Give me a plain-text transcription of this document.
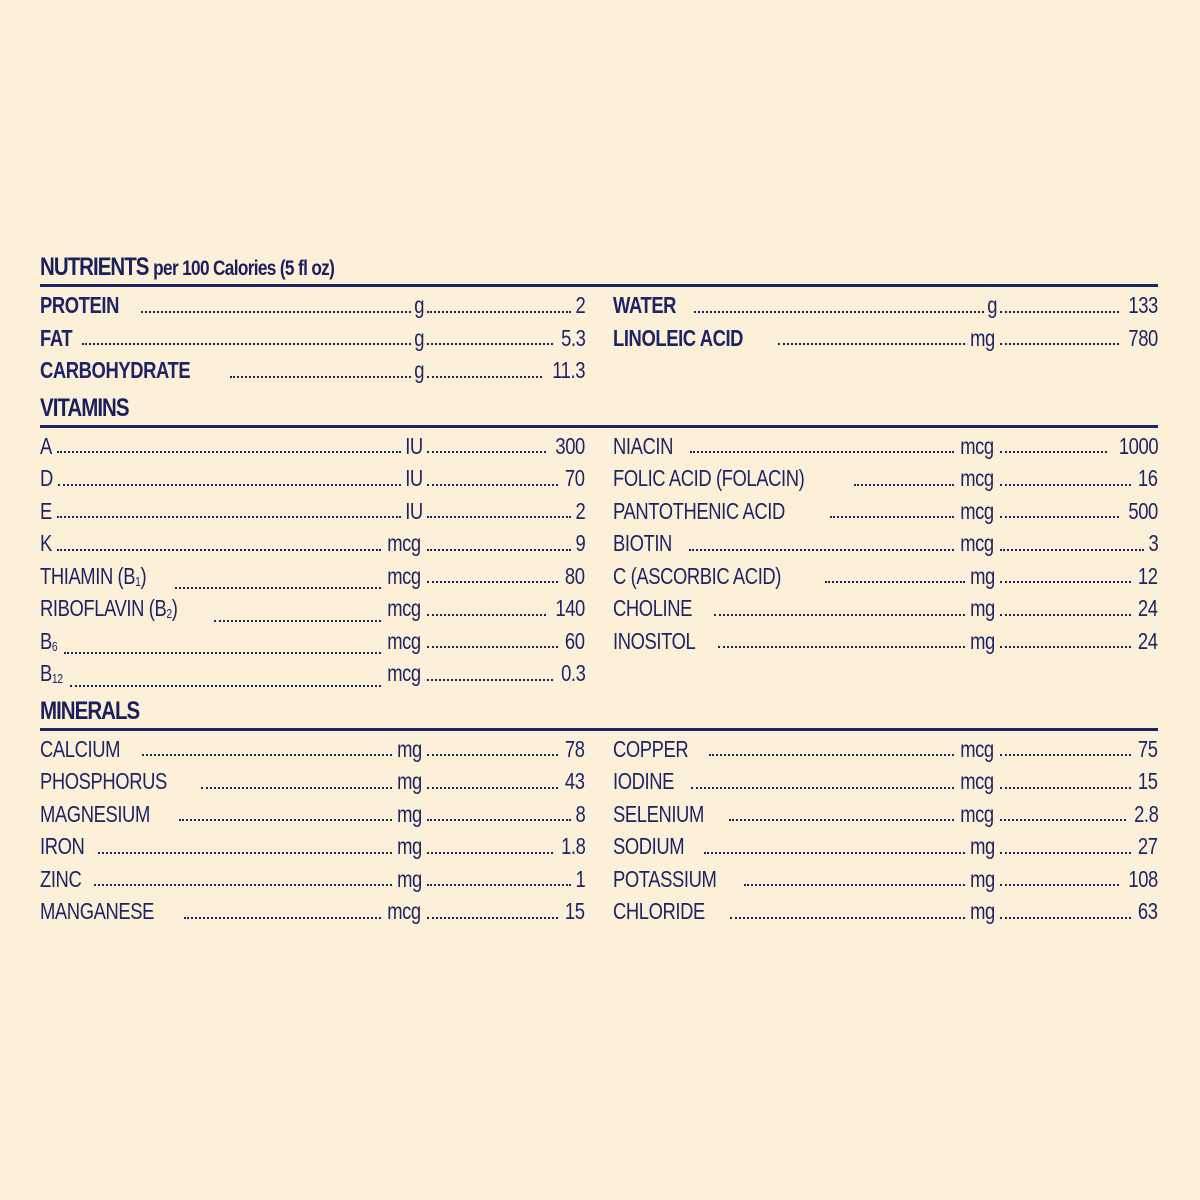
NUTRIENTS per 100 Calories (5 fl oz)
PROTEIN	g	2
FAT	g	5.3
CARBOHYDRATE	g	11.3
WATER	g	133
LINOLEIC ACID	mg	780
VITAMINS
A	IU	300
D	IU	70
E	IU	2
K	mcg	9
THIAMIN $(B_1)$	mcg	80
RIBOFLAVIN $(B_2)$	mcg	140
$B_6$	mcg	60
$B_{12}$	mcg	0.3
NIACIN	mcg	1000
FOLIC ACID (FOLACIN)	mcg	16
PANTOTHENIC ACID	mcg	500
BIOTIN	mcg	3
C (ASCORBIC ACID)	mg	12
CHOLINE	mg	24
INOSITOL	mg	24
MINERALS
CALCIUM	mg	78
PHOSPHORUS	mg	43
MAGNESIUM	mg	8
IRON	mg	1.8
ZINC	mg	1
MANGANESE	mcg	15
COPPER	mcg	75
IODINE	mcg	15
SELENIUM	mcg	2.8
SODIUM	mg	27
POTASSIUM	mg	108
CHLORIDE	mg	63
